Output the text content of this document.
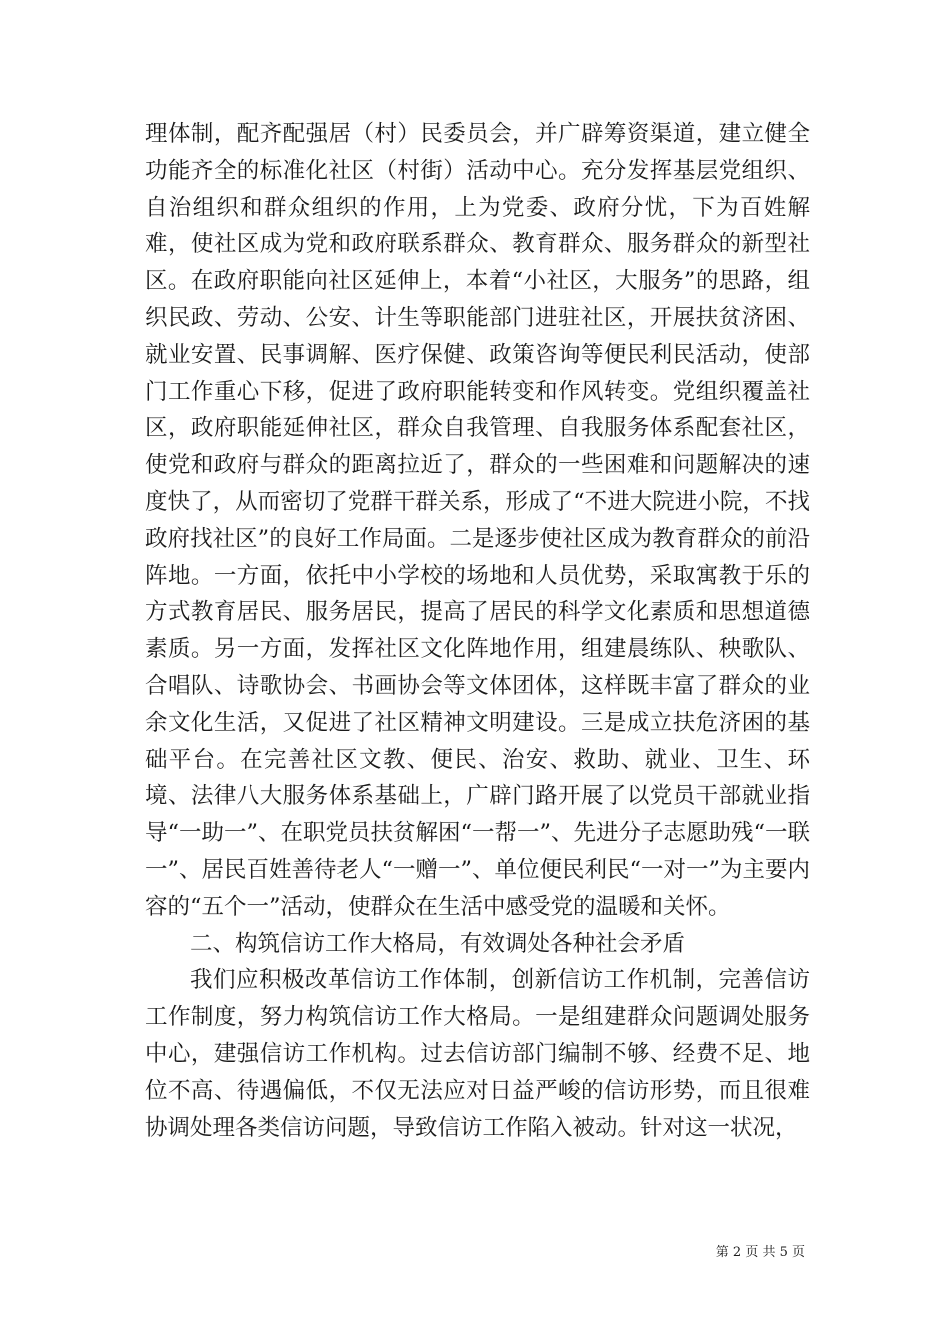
理体制，配齐配强居（村）民委员会，并广辟筹资渠道，建立健全功能齐全的标准化社区（村街）活动中心。充分发挥基层党组织、自治组织和群众组织的作用，上为党委、政府分忧，下为百姓解难，使社区成为党和政府联系群众、教育群众、服务群众的新型社区。在政府职能向社区延伸上，本着“小社区，大服务”的思路，组织民政、劳动、公安、计生等职能部门进驻社区，开展扶贫济困、就业安置、民事调解、医疗保健、政策咨询等便民利民活动，使部门工作重心下移，促进了政府职能转变和作风转变。党组织覆盖社区，政府职能延伸社区，群众自我管理、自我服务体系配套社区，使党和政府与群众的距离拉近了，群众的一些困难和问题解决的速度快了，从而密切了党群干群关系，形成了“不进大院进小院，不找政府找社区”的良好工作局面。二是逐步使社区成为教育群众的前沿阵地。一方面，依托中小学校的场地和人员优势，采取寓教于乐的方式教育居民、服务居民，提高了居民的科学文化素质和思想道德素质。另一方面，发挥社区文化阵地作用，组建晨练队、秧歌队、合唱队、诗歌协会、书画协会等文体团体，这样既丰富了群众的业余文化生活，又促进了社区精神文明建设。三是成立扶危济困的基础平台。在完善社区文教、便民、治安、救助、就业、卫生、环境、法律八大服务体系基础上，广辟门路开展了以党员干部就业指导“一助一”、在职党员扶贫解困“一帮一”、先进分子志愿助残“一联一”、居民百姓善待老人“一赠一”、单位便民利民“一对一”为主要内容的“五个一”活动，使群众在生活中感受党的温暖和关怀。

二、构筑信访工作大格局，有效调处各种社会矛盾

我们应积极改革信访工作体制，创新信访工作机制，完善信访工作制度，努力构筑信访工作大格局。一是组建群众问题调处服务中心，建强信访工作机构。过去信访部门编制不够、经费不足、地位不高、待遇偏低，不仅无法应对日益严峻的信访形势，而且很难协调处理各类信访问题，导致信访工作陷入被动。针对这一状况，

第 2 页 共 5 页
